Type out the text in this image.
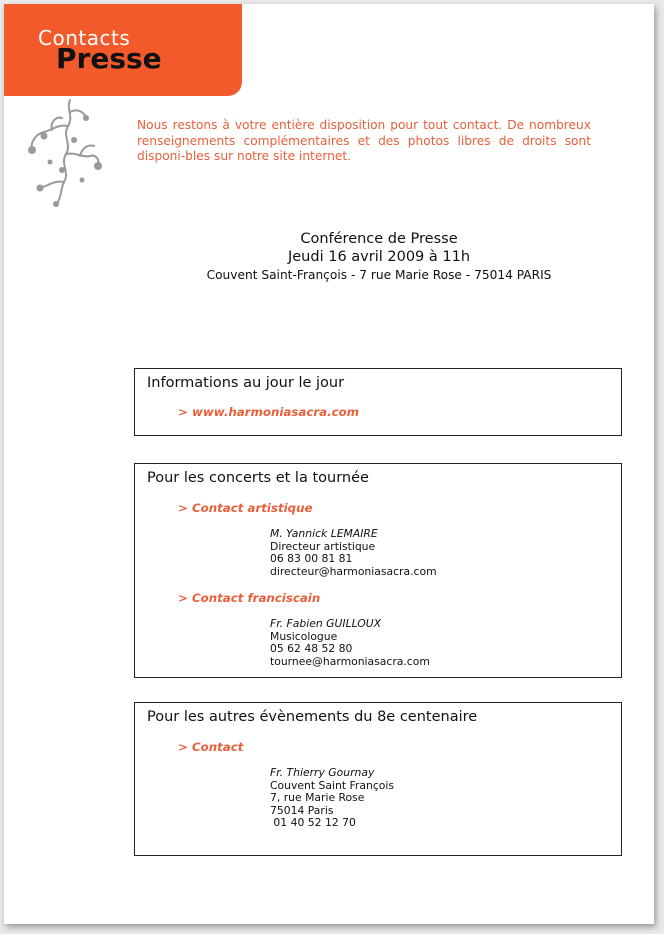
Contacts
Presse
Nous restons à votre entière disposition pour tout contact. De nombreux renseignements complémentaires et des photos libres de droits sont disponi-bles sur notre site internet.
Conférence de Presse
Jeudi 16 avril 2009 à 11h
Couvent Saint-François - 7 rue Marie Rose - 75014 PARIS
Informations au jour le jour
> www.harmoniasacra.com
Pour les concerts et la tournée
> Contact artistique
M. Yannick LEMAIRE
Directeur artistique
06 83 00 81 81
directeur@harmoniasacra.com
> Contact franciscain
Fr. Fabien GUILLOUX
Musicologue
05 62 48 52 80
tournee@harmoniasacra.com
Pour les autres évènements du 8e centenaire
> Contact
Fr. Thierry Gournay
Couvent Saint François
7, rue Marie Rose
75014 Paris
01 40 52 12 70
